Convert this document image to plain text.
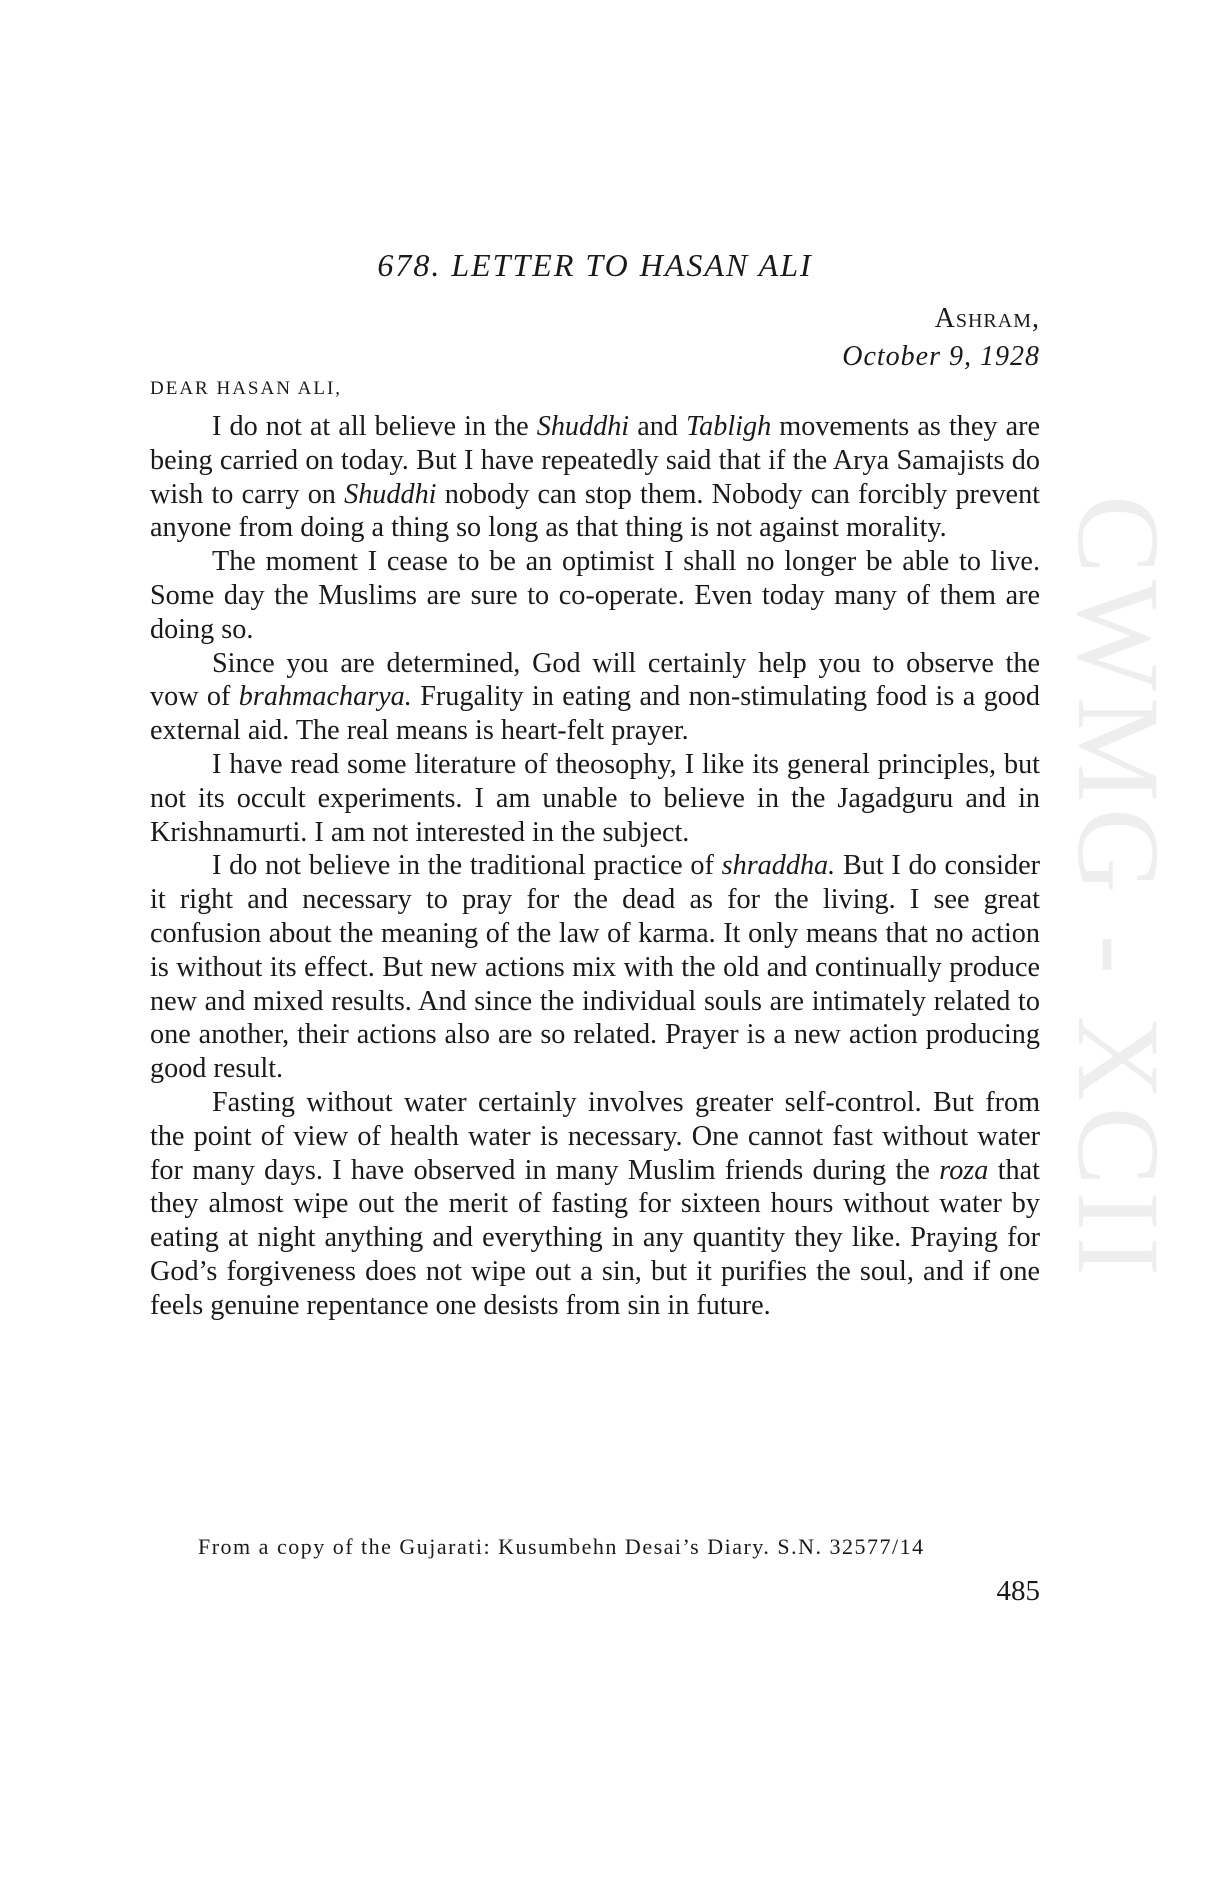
678. LETTER TO HASAN ALI
Ashram,
October 9, 1928
DEAR HASAN ALI,

I do not at all believe in the Shuddhi and Tabligh movements as they are being carried on today. But I have repeatedly said that if the Arya Samajists do wish to carry on Shuddhi nobody can stop them. Nobody can forcibly prevent anyone from doing a thing so long as that thing is not against morality.

The moment I cease to be an optimist I shall no longer be able to live. Some day the Muslims are sure to co-operate. Even today many of them are doing so.

Since you are determined, God will certainly help you to observe the vow of brahmacharya. Frugality in eating and non-stimulating food is a good external aid. The real means is heart-felt prayer.

I have read some literature of theosophy, I like its general principles, but not its occult experiments. I am unable to believe in the Jagadguru and in Krishnamurti. I am not interested in the subject.

I do not believe in the traditional practice of shraddha. But I do consider it right and necessary to pray for the dead as for the living. I see great confusion about the meaning of the law of karma. It only means that no action is without its effect. But new actions mix with the old and continually produce new and mixed results. And since the individual souls are intimately related to one another, their actions also are so related. Prayer is a new action producing good result.

Fasting without water certainly involves greater self-control. But from the point of view of health water is necessary. One cannot fast without water for many days. I have observed in many Muslim friends during the roza that they almost wipe out the merit of fasting for sixteen hours without water by eating at night anything and everything in any quantity they like. Praying for God’s forgiveness does not wipe out a sin, but it purifies the soul, and if one feels genuine repentance one desists from sin in future.

From a copy of the Gujarati: Kusumbehn Desai’s Diary. S.N. 32577/14
485
CWMG - XCII
